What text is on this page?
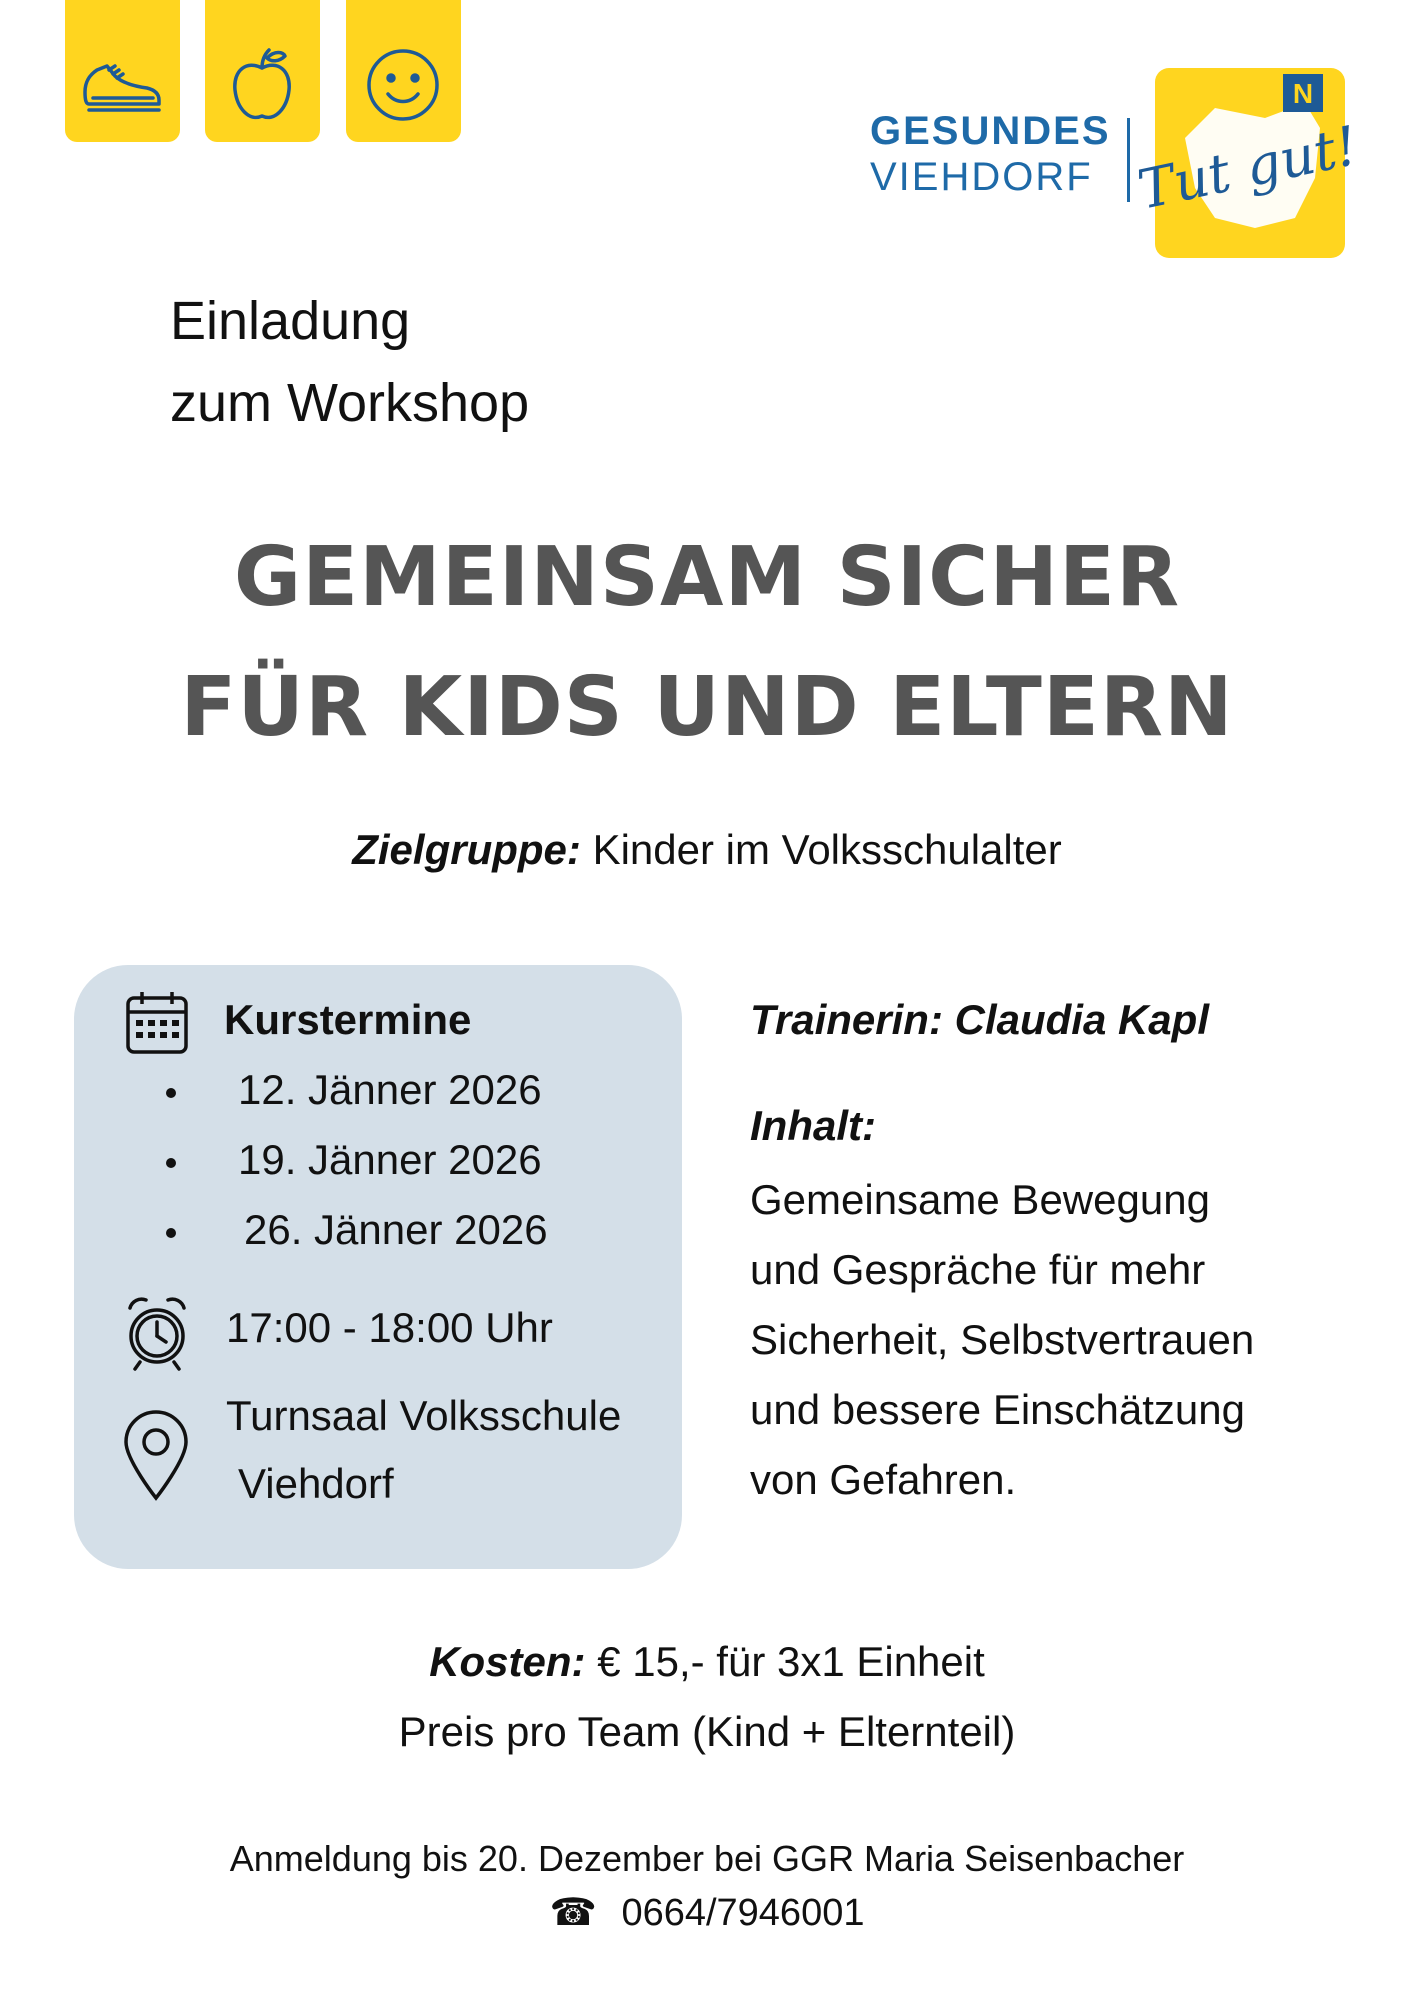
GESUNDES
VIEHDORF
N
Tut gut!
Einladung
zum Workshop
GEMEINSAM SICHER
FÜR KIDS UND ELTERN
Zielgruppe: Kinder im Volksschulalter
Kurstermine
12. Jänner 2026
19. Jänner 2026
26. Jänner 2026
17:00 - 18:00 Uhr
Turnsaal Volksschule
Viehdorf
Trainerin: Claudia Kapl
Inhalt:
Gemeinsame Bewegung
und Gespräche für mehr
Sicherheit, Selbstvertrauen
und bessere Einschätzung
von Gefahren.
Kosten: € 15,- für 3x1 Einheit
Preis pro Team (Kind + Elternteil)
Anmeldung bis 20. Dezember bei GGR Maria Seisenbacher
☎ 0664/7946001
